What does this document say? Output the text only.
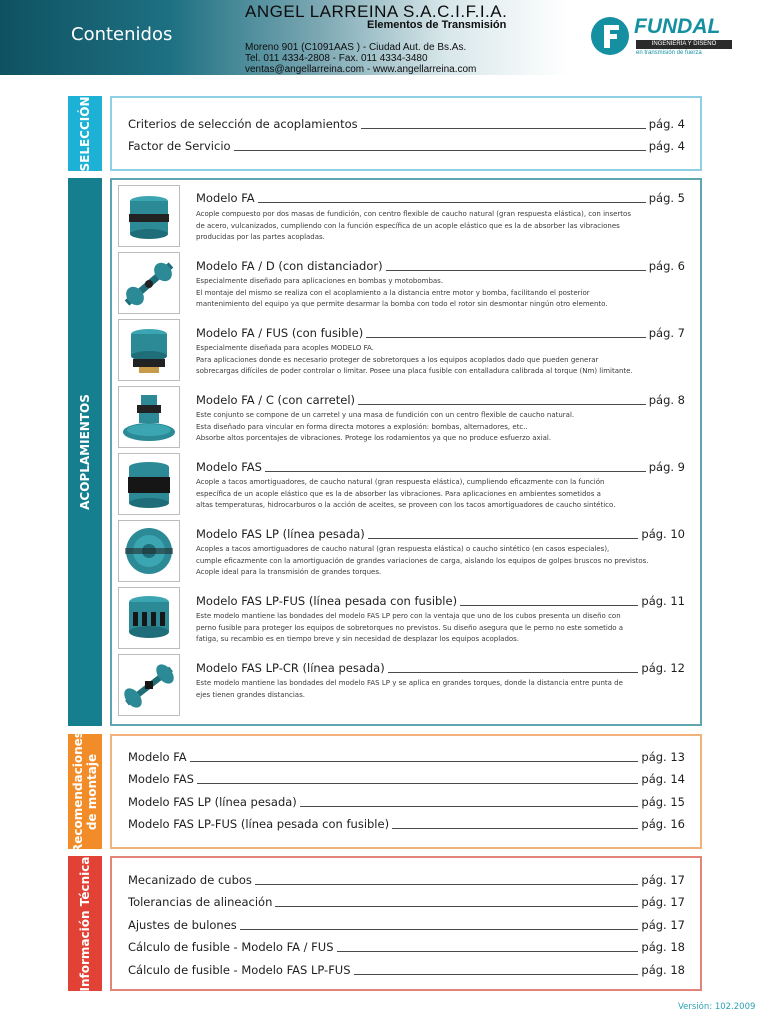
Contenidos
ANGEL LARREINA S.A.C.I.F.I.A.
Elementos de Transmisión
Moreno 901 (C1091AAS ) - Ciudad Aut. de Bs.As.
Tel. 011 4334-2808 - Fax. 011 4334-3480
ventas@angellarreina.com - www.angellarreina.com
FUNDAL
INGENIERÍA Y DISEÑO
en transmisión de fuerza
SELECCIÓN	Criterios de selección de acoplamientos	pág. 4
Factor de Servicio	pág. 4
ACOPLAMIENTOS
Modelo FA	pág. 5
Acople compuesto por dos masas de fundición, con centro flexible de caucho natural (gran respuesta elástica), con insertos
de acero, vulcanizados, cumpliendo con la función específica de un acople elástico que es la de absorber las vibraciones
producidas por las partes acopladas.
Modelo FA / D (con distanciador)	pág. 6
Especialmente diseñado para aplicaciones en bombas y motobombas.
El montaje del mismo se realiza con el acoplamiento a la distancia entre motor y bomba, facilitando el posterior
mantenimiento del equipo ya que permite desarmar la bomba con todo el rotor sin desmontar ningún otro elemento.
Modelo FA / FUS (con fusible)	pág. 7
Especialmente diseñada para acoples MODELO FA.
Para aplicaciones donde es necesario proteger de sobretorques a los equipos acoplados dado que pueden generar
sobrecargas difíciles de poder controlar o limitar. Posee una placa fusible con entalladura calibrada al torque (Nm) limitante.
Modelo FA / C (con carretel)	pág. 8
Este conjunto se compone de un carretel y una masa de fundición con un centro flexible de caucho natural.
Esta diseñado para vincular en forma directa motores a explosión: bombas, alternadores, etc..
Absorbe altos porcentajes de vibraciones. Protege los rodamientos ya que no produce esfuerzo axial.
Modelo FAS	pág. 9
Acople a tacos amortiguadores, de caucho natural (gran respuesta elástica), cumpliendo eficazmente con la función
específica de un acople elástico que es la de absorber las vibraciones. Para aplicaciones en ambientes sometidos a
altas temperaturas, hidrocarburos o la acción de aceites, se proveen con los tacos amortiguadores de caucho sintético.
Modelo FAS LP (línea pesada)	pág. 10
Acoples a tacos amortiguadores de caucho natural (gran respuesta elástica) o caucho sintético (en casos especiales),
cumple eficazmente con la amortiguación de grandes variaciones de carga, aislando los equipos de golpes bruscos no previstos.
Acople ideal para la transmisión de grandes torques.
Modelo FAS LP-FUS (línea pesada con fusible)	pág. 11
Este modelo mantiene las bondades del modelo FAS LP pero con la ventaja que uno de los cubos presenta un diseño con
perno fusible para proteger los equipos de sobretorques no previstos. Su diseño asegura que le perno no este sometido a
fatiga, su recambio es en tiempo breve y sin necesidad de desplazar los equipos acoplados.
Modelo FAS LP-CR (línea pesada)	pág. 12
Este modelo mantiene las bondades del modelo FAS LP y se aplica en grandes torques, donde la distancia entre punta de
ejes tienen grandes distancias.
Recomendaciones
de montaje	Modelo FA	pág. 13
Modelo FAS	pág. 14
Modelo FAS LP (línea pesada)	pág. 15
Modelo FAS LP-FUS (línea pesada con fusible)	pág. 16
Información Técnica	Mecanizado de cubos	pág. 17
Tolerancias de alineación	pág. 17
Ajustes de bulones	pág. 17
Cálculo de fusible - Modelo FA / FUS	pág. 18
Cálculo de fusible - Modelo FAS LP-FUS	pág. 18
Versión: 102.2009
